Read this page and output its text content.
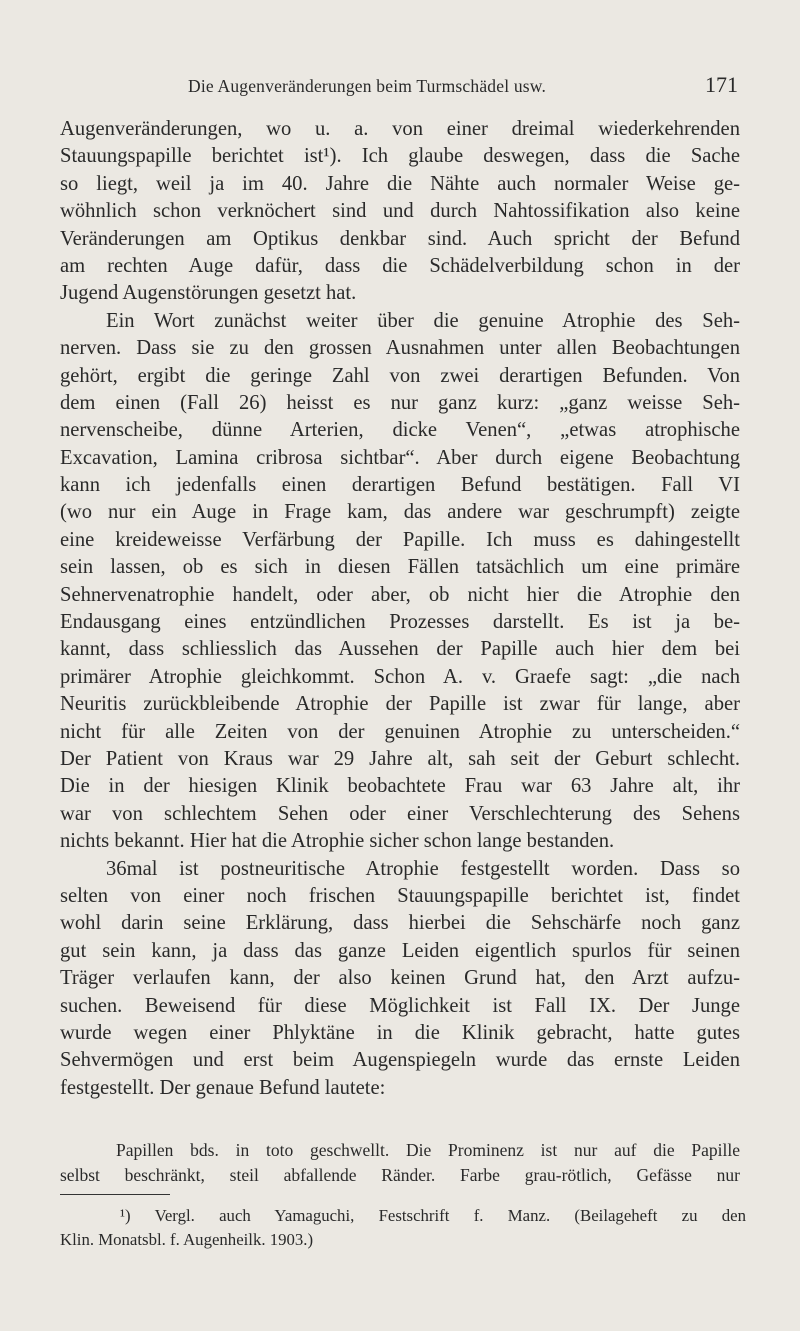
Die Augenveränderungen beim Turmschädel usw.	171
Augenveränderungen, wo u. a. von einer dreimal wiederkehrenden
Stauungspapille berichtet ist¹). Ich glaube deswegen, dass die Sache
so liegt, weil ja im 40. Jahre die Nähte auch normaler Weise ge-
wöhnlich schon verknöchert sind und durch Nahtossifikation also keine
Veränderungen am Optikus denkbar sind. Auch spricht der Befund
am rechten Auge dafür, dass die Schädelverbildung schon in der
Jugend Augenstörungen gesetzt hat.
Ein Wort zunächst weiter über die genuine Atrophie des Seh-
nerven. Dass sie zu den grossen Ausnahmen unter allen Beobachtungen
gehört, ergibt die geringe Zahl von zwei derartigen Befunden. Von
dem einen (Fall 26) heisst es nur ganz kurz: „ganz weisse Seh-
nervenscheibe, dünne Arterien, dicke Venen“, „etwas atrophische
Excavation, Lamina cribrosa sichtbar“. Aber durch eigene Beobachtung
kann ich jedenfalls einen derartigen Befund bestätigen. Fall VI
(wo nur ein Auge in Frage kam, das andere war geschrumpft) zeigte
eine kreideweisse Verfärbung der Papille. Ich muss es dahingestellt
sein lassen, ob es sich in diesen Fällen tatsächlich um eine primäre
Sehnervenatrophie handelt, oder aber, ob nicht hier die Atrophie den
Endausgang eines entzündlichen Prozesses darstellt. Es ist ja be-
kannt, dass schliesslich das Aussehen der Papille auch hier dem bei
primärer Atrophie gleichkommt. Schon A. v. Graefe sagt: „die nach
Neuritis zurückbleibende Atrophie der Papille ist zwar für lange, aber
nicht für alle Zeiten von der genuinen Atrophie zu unterscheiden.“
Der Patient von Kraus war 29 Jahre alt, sah seit der Geburt schlecht.
Die in der hiesigen Klinik beobachtete Frau war 63 Jahre alt, ihr
war von schlechtem Sehen oder einer Verschlechterung des Sehens
nichts bekannt. Hier hat die Atrophie sicher schon lange bestanden.
36mal ist postneuritische Atrophie festgestellt worden. Dass so
selten von einer noch frischen Stauungspapille berichtet ist, findet
wohl darin seine Erklärung, dass hierbei die Sehschärfe noch ganz
gut sein kann, ja dass das ganze Leiden eigentlich spurlos für seinen
Träger verlaufen kann, der also keinen Grund hat, den Arzt aufzu-
suchen. Beweisend für diese Möglichkeit ist Fall IX. Der Junge
wurde wegen einer Phlyktäne in die Klinik gebracht, hatte gutes
Sehvermögen und erst beim Augenspiegeln wurde das ernste Leiden
festgestellt. Der genaue Befund lautete:
Papillen bds. in toto geschwellt. Die Prominenz ist nur auf die Papille
selbst beschränkt, steil abfallende Ränder. Farbe grau-rötlich, Gefässe nur
¹) Vergl. auch Yamaguchi, Festschrift f. Manz. (Beilageheft zu den
Klin. Monatsbl. f. Augenheilk. 1903.)
